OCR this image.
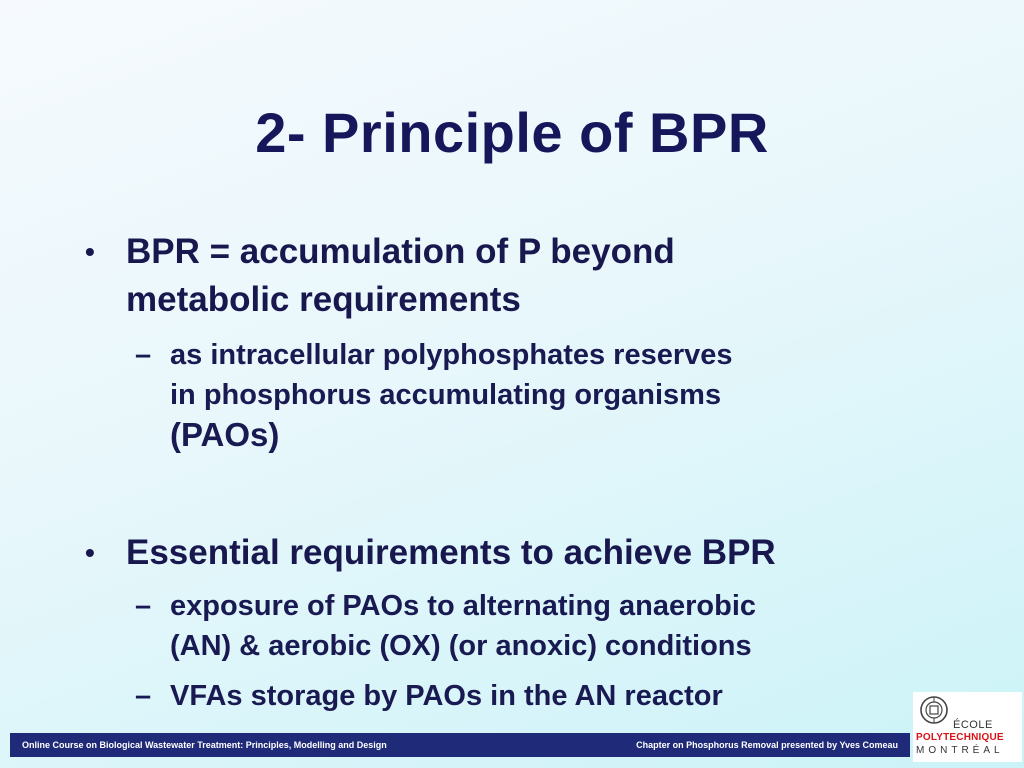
2- Principle of BPR
• BPR = accumulation of P beyond
metabolic requirements
– as intracellular polyphosphates reserves
in phosphorus accumulating organisms
(PAOs)
• Essential requirements to achieve BPR
– exposure of PAOs to alternating anaerobic
(AN) & aerobic (OX) (or anoxic) conditions
– VFAs storage by PAOs in the AN reactor
Online Course on Biological Wastewater Treatment: Principles, Modelling and Design	Chapter on Phosphorus Removal presented by Yves Comeau
ÉCOLE
POLYTECHNIQUE
MONTRÉAL
